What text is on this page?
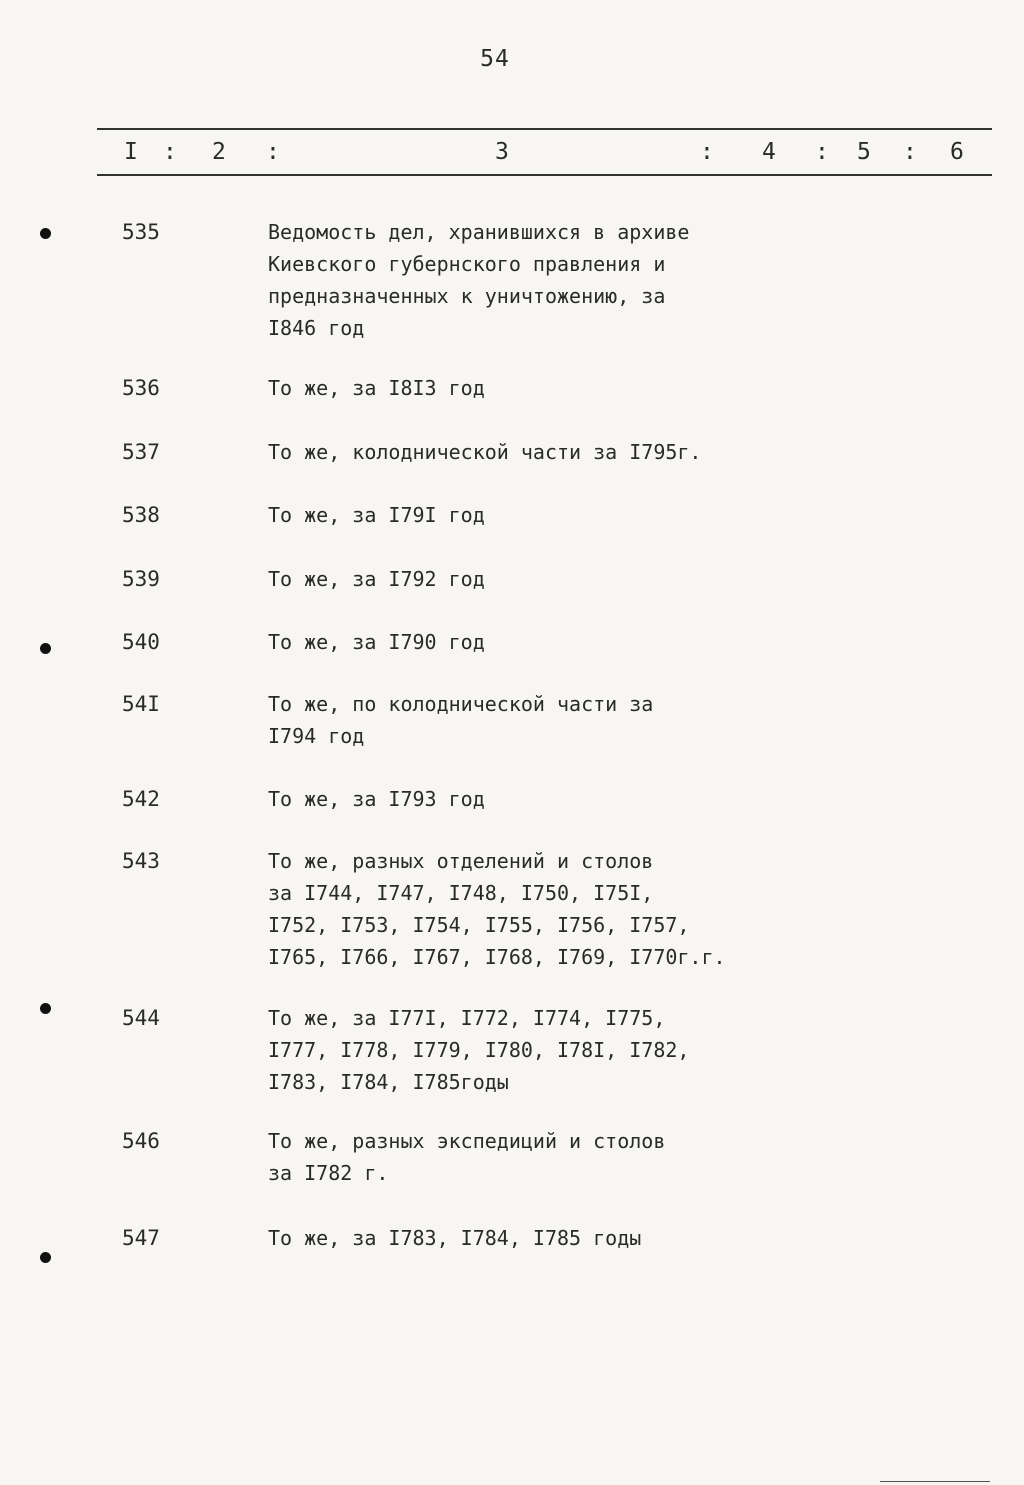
54
I : 2 :	3	: 4 : 5 : 6
535	Ведомость дел, хранившихся в архиве
Киевского губернского правления и
предназначенных к уничтожению, за
I846 год
536	То же, за I8I3 год
537	То же, колоднической части за I795г.
538	То же, за I79I год
539	То же, за I792 год
540	То же, за I790 год
54I	То же, по колоднической части за
I794 год
542	То же, за I793 год
543	То же, разных отделений и столов
за I744, I747, I748, I750, I75I,
I752, I753, I754, I755, I756, I757,
I765, I766, I767, I768, I769, I770г.г.
544	То же, за I77I, I772, I774, I775,
I777, I778, I779, I780, I78I, I782,
I783, I784, I785годы
546	То же, разных экспедиций и столов
за I782 г.
547	То же, за I783, I784, I785 годы
